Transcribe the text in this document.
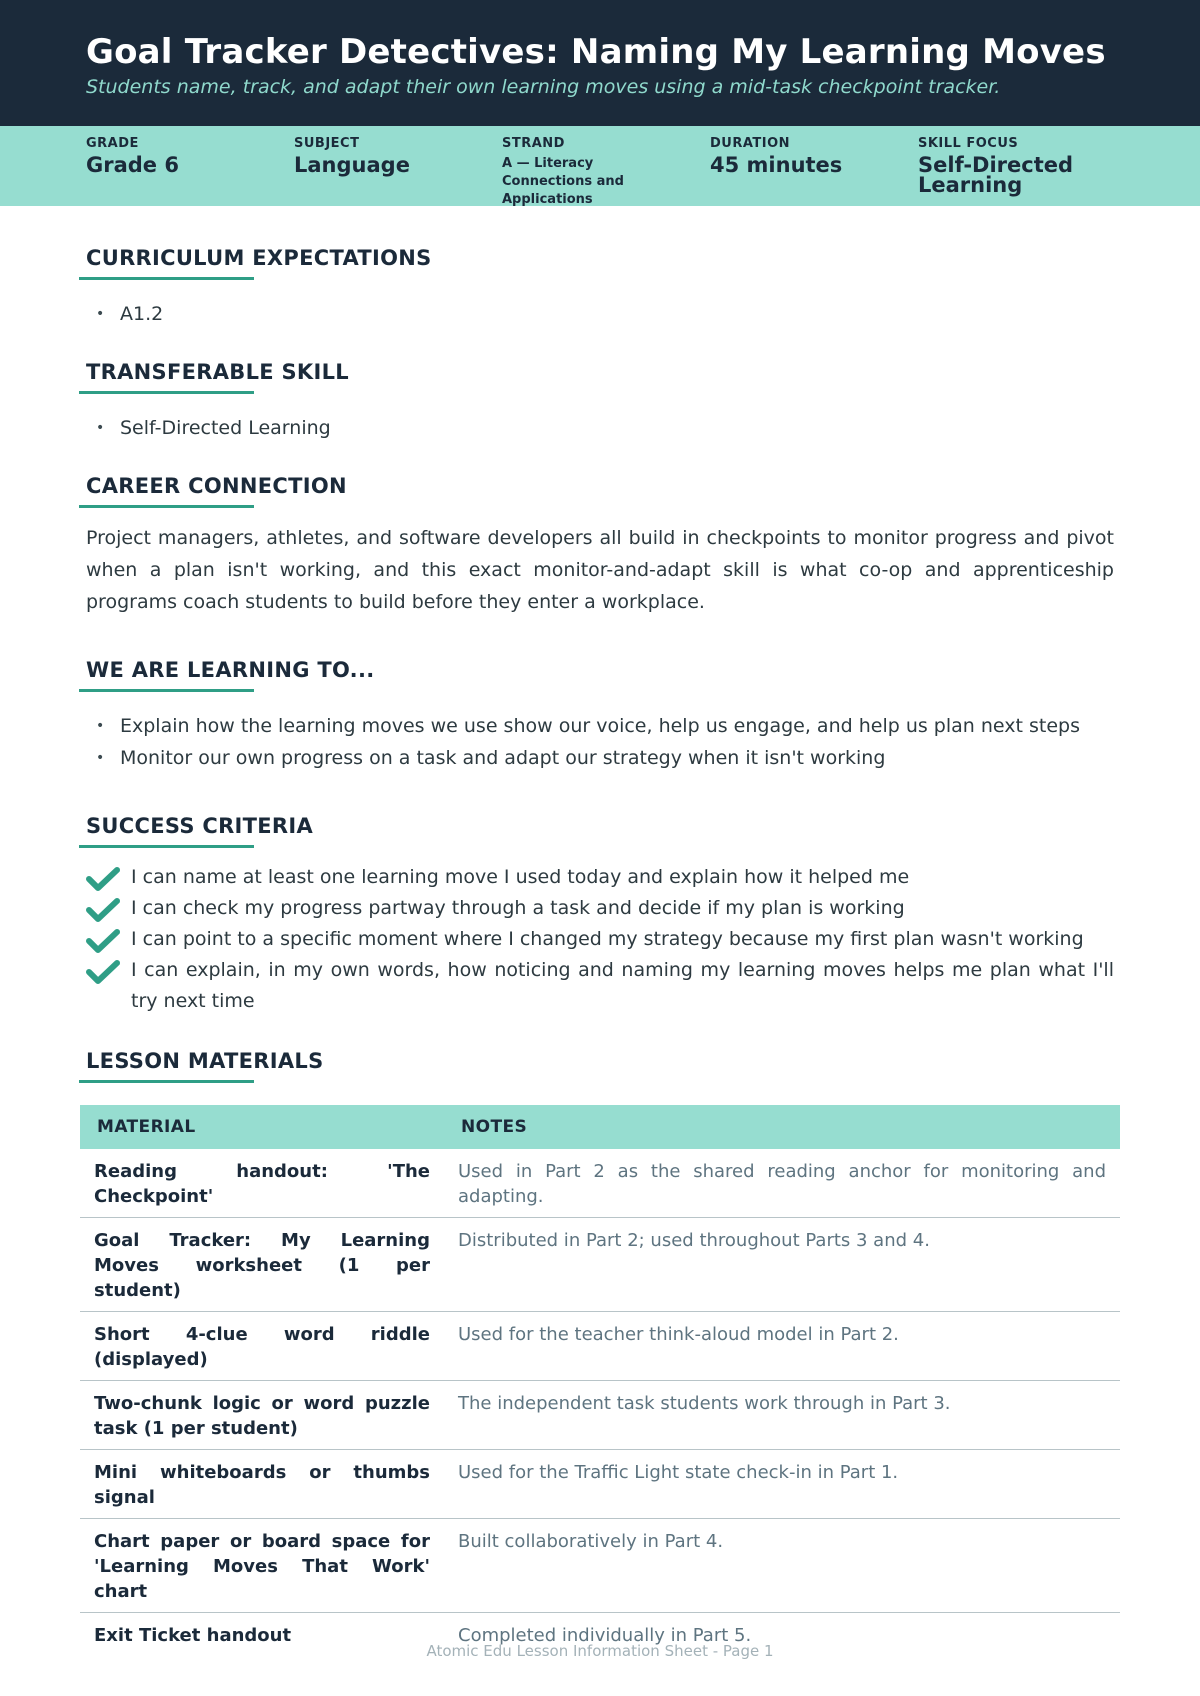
Goal Tracker Detectives: Naming My Learning Moves
Students name, track, and adapt their own learning moves using a mid-task checkpoint tracker.
GRADE
Grade 6
SUBJECT
Language
STRAND
A — Literacy Connections and Applications
DURATION
45 minutes
SKILL FOCUS
Self-Directed Learning
CURRICULUM EXPECTATIONS
• A1.2
TRANSFERABLE SKILL
• Self-Directed Learning
CAREER CONNECTION

Project managers, athletes, and software developers all build in checkpoints to monitor progress and pivot when a plan isn't working, and this exact monitor-and-adapt skill is what co-op and apprenticeship programs coach students to build before they enter a workplace.

WE ARE LEARNING TO...
• Explain how the learning moves we use show our voice, help us engage, and help us plan next steps
• Monitor our own progress on a task and adapt our strategy when it isn't working
SUCCESS CRITERIA
I can name at least one learning move I used today and explain how it helped me
I can check my progress partway through a task and decide if my plan is working
I can point to a specific moment where I changed my strategy because my first plan wasn't working
I can explain, in my own words, how noticing and naming my learning moves helps me plan what I'll try next time
LESSON MATERIALS
MATERIAL	NOTES
Reading handout: 'The Checkpoint'	Used in Part 2 as the shared reading anchor for monitoring and adapting.
Goal Tracker: My Learning Moves worksheet (1 per student)	Distributed in Part 2; used throughout Parts 3 and 4.
Short 4-clue word riddle (displayed)	Used for the teacher think-aloud model in Part 2.
Two-chunk logic or word puzzle task (1 per student)	The independent task students work through in Part 3.
Mini whiteboards or thumbs signal	Used for the Traffic Light state check-in in Part 1.
Chart paper or board space for 'Learning Moves That Work' chart	Built collaboratively in Part 4.
Exit Ticket handout	Completed individually in Part 5.
Atomic Edu Lesson Information Sheet - Page 1
